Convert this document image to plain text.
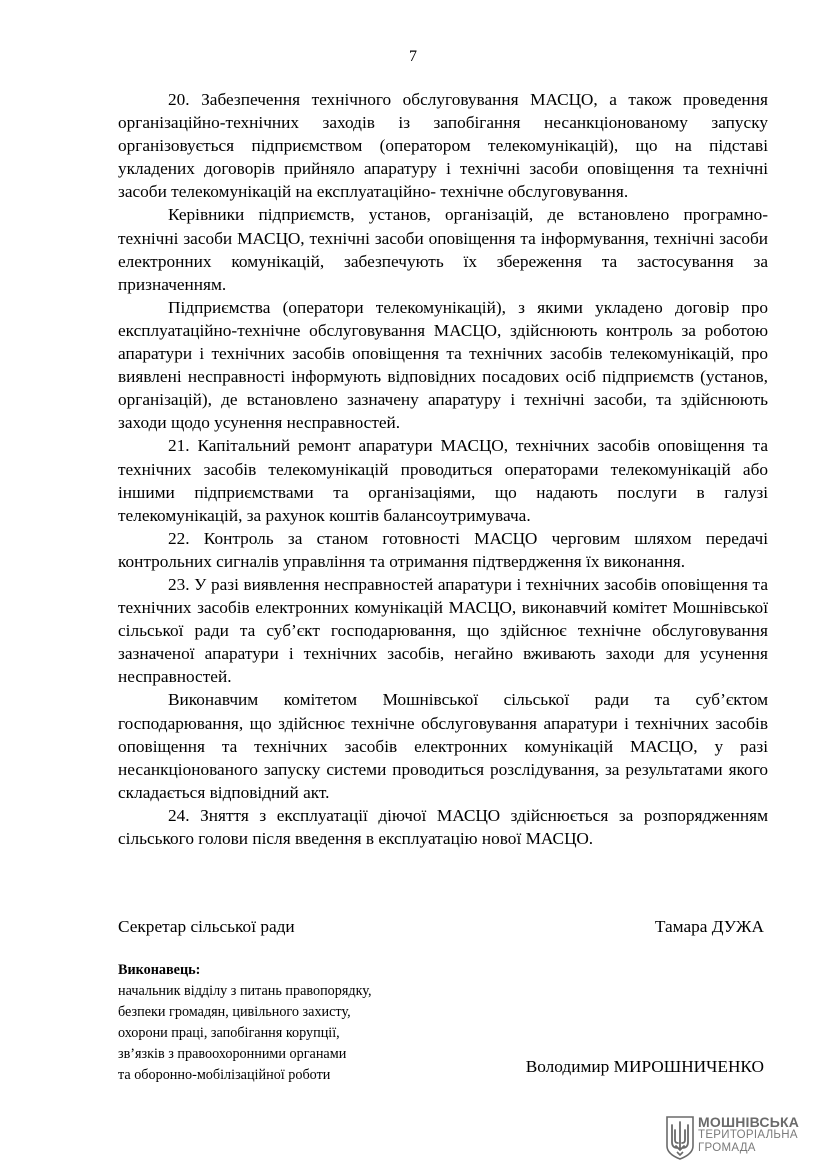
7

20. Забезпечення технічного обслуговування МАСЦО, а також проведення організаційно-технічних заходів із запобігання несанкціонованому запуску організовується підприємством (оператором телекомунікацій), що на підставі укладених договорів прийняло апаратуру і технічні засоби оповіщення та технічні засоби телекомунікацій на експлуатаційно- технічне обслуговування.

Керівники підприємств, установ, організацій, де встановлено програмно-технічні засоби МАСЦО, технічні засоби оповіщення та інформування, технічні засоби електронних комунікацій, забезпечують їх збереження та застосування за призначенням.

Підприємства (оператори телекомунікацій), з якими укладено договір про експлуатаційно-технічне обслуговування МАСЦО, здійснюють контроль за роботою апаратури і технічних засобів оповіщення та технічних засобів телекомунікацій, про виявлені несправності інформують відповідних посадових осіб підприємств (установ, організацій), де встановлено зазначену апаратуру і технічні засоби, та здійснюють заходи щодо усунення несправностей.

21. Капітальний ремонт апаратури МАСЦО, технічних засобів оповіщення та технічних засобів телекомунікацій проводиться операторами телекомунікацій або іншими підприємствами та організаціями, що надають послуги в галузі телекомунікацій, за рахунок коштів балансоутримувача.

22. Контроль за станом готовності МАСЦО черговим шляхом передачі контрольних сигналів управління та отримання підтвердження їх виконання.

23. У разі виявлення несправностей апаратури і технічних засобів оповіщення та технічних засобів електронних комунікацій МАСЦО, виконавчий комітет Мошнівської сільської ради та суб’єкт господарювання, що здійснює технічне обслуговування зазначеної апаратури і технічних засобів, негайно вживають заходи для усунення несправностей.

Виконавчим комітетом Мошнівської сільської ради та суб’єктом господарювання, що здійснює технічне обслуговування апаратури і технічних засобів оповіщення та технічних засобів електронних комунікацій МАСЦО, у разі несанкціонованого запуску системи проводиться розслідування, за результатами якого складається відповідний акт.

24. Зняття з експлуатації діючої МАСЦО здійснюється за розпорядженням сільського голови після введення в експлуатацію нової МАСЦО.

Секретар сільської ради	Тамара ДУЖА
Виконавець:
начальник відділу з питань правопорядку,
безпеки громадян, цивільного захисту,
охорони праці, запобігання корупції,
зв’язків з правоохоронними органами
та оборонно-мобілізаційної роботи	Володимир МИРОШНИЧЕНКО
МОШНІВСЬКА
ТЕРИТОРІАЛЬНА
ГРОМАДА
